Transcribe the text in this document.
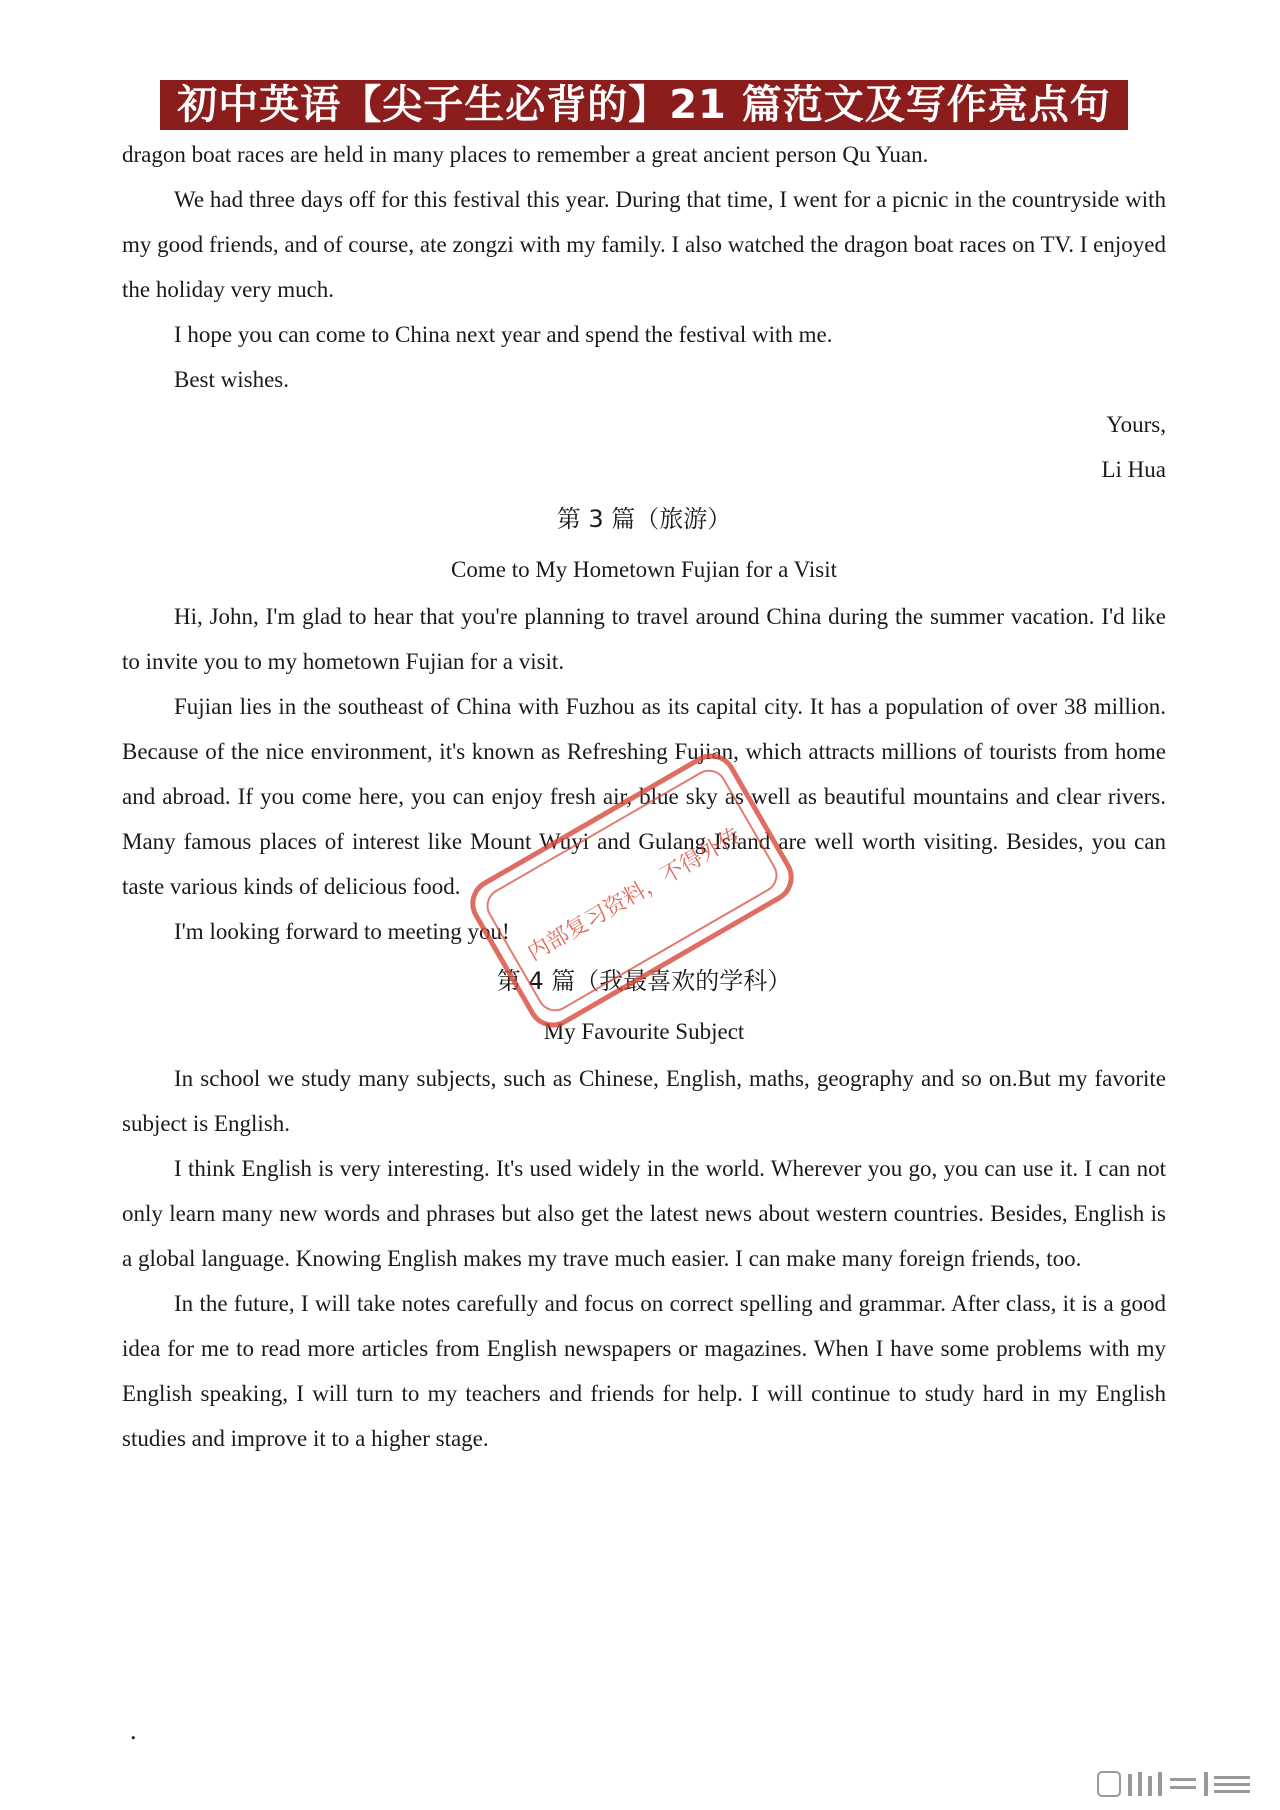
初中英语【尖子生必背的】21 篇范文及写作亮点句

dragon boat races are held in many places to remember a great ancient person Qu Yuan.

We had three days off for this festival this year. During that time, I went for a picnic in the countryside with my good friends, and of course, ate zongzi with my family. I also watched the dragon boat races on TV. I enjoyed the holiday very much.

I hope you can come to China next year and spend the festival with me.

Best wishes.

Yours,

Li Hua

第 3 篇（旅游）

Come to My Hometown Fujian for a Visit

Hi, John, I'm glad to hear that you're planning to travel around China during the summer vacation. I'd like to invite you to my hometown Fujian for a visit.

Fujian lies in the southeast of China with Fuzhou as its capital city. It has a population of over 38 million. Because of the nice environment, it's known as Refreshing Fujian, which attracts millions of tourists from home and abroad. If you come here, you can enjoy fresh air, blue sky as well as beautiful mountains and clear rivers. Many famous places of interest like Mount Wuyi and Gulang Island are well worth visiting. Besides, you can taste various kinds of delicious food.

I'm looking forward to meeting you!

第 4 篇（我最喜欢的学科）

My Favourite Subject

In school we study many subjects, such as Chinese, English, maths, geography and so on.But my favorite subject is English.

I think English is very interesting. It's used widely in the world. Wherever you go, you can use it. I can not only learn many new words and phrases but also get the latest news about western countries. Besides, English is a global language. Knowing English makes my trave much easier. I can make many foreign friends, too.

In the future, I will take notes carefully and focus on correct spelling and grammar. After class, it is a good idea for me to read more articles from English newspapers or magazines. When I have some problems with my English speaking, I will turn to my teachers and friends for help. I will continue to study hard in my English studies and improve it to a higher stage.

内部复习资料，不得外传
.
